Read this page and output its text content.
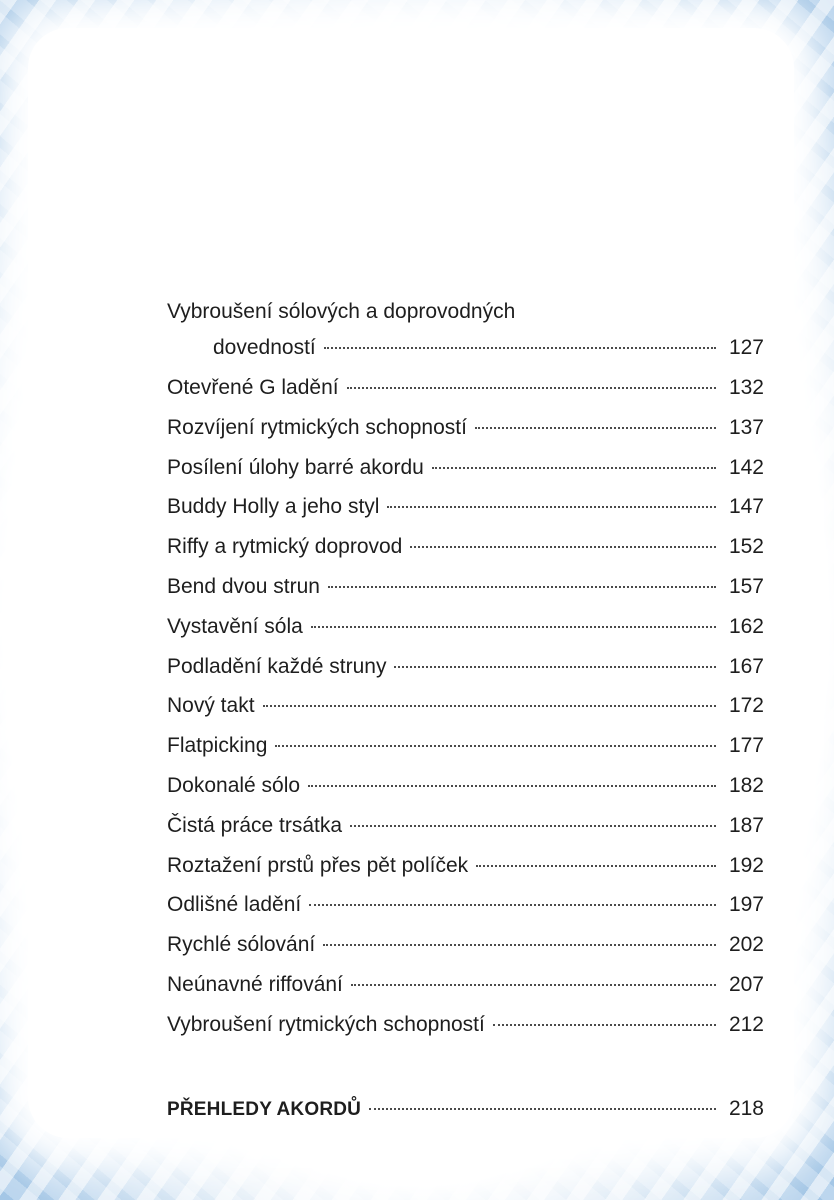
Vybroušení sólových a doprovodných
dovedností	127
Otevřené G ladění	132
Rozvíjení rytmických schopností	137
Posílení úlohy barré akordu	142
Buddy Holly a jeho styl	147
Riffy a rytmický doprovod	152
Bend dvou strun	157
Vystavění sóla	162
Podladění každé struny	167
Nový takt	172
Flatpicking	177
Dokonalé sólo	182
Čistá práce trsátka	187
Roztažení prstů přes pět políček	192
Odlišné ladění	197
Rychlé sólování	202
Neúnavné riffování	207
Vybroušení rytmických schopností	212
PŘEHLEDY AKORDŮ	218
